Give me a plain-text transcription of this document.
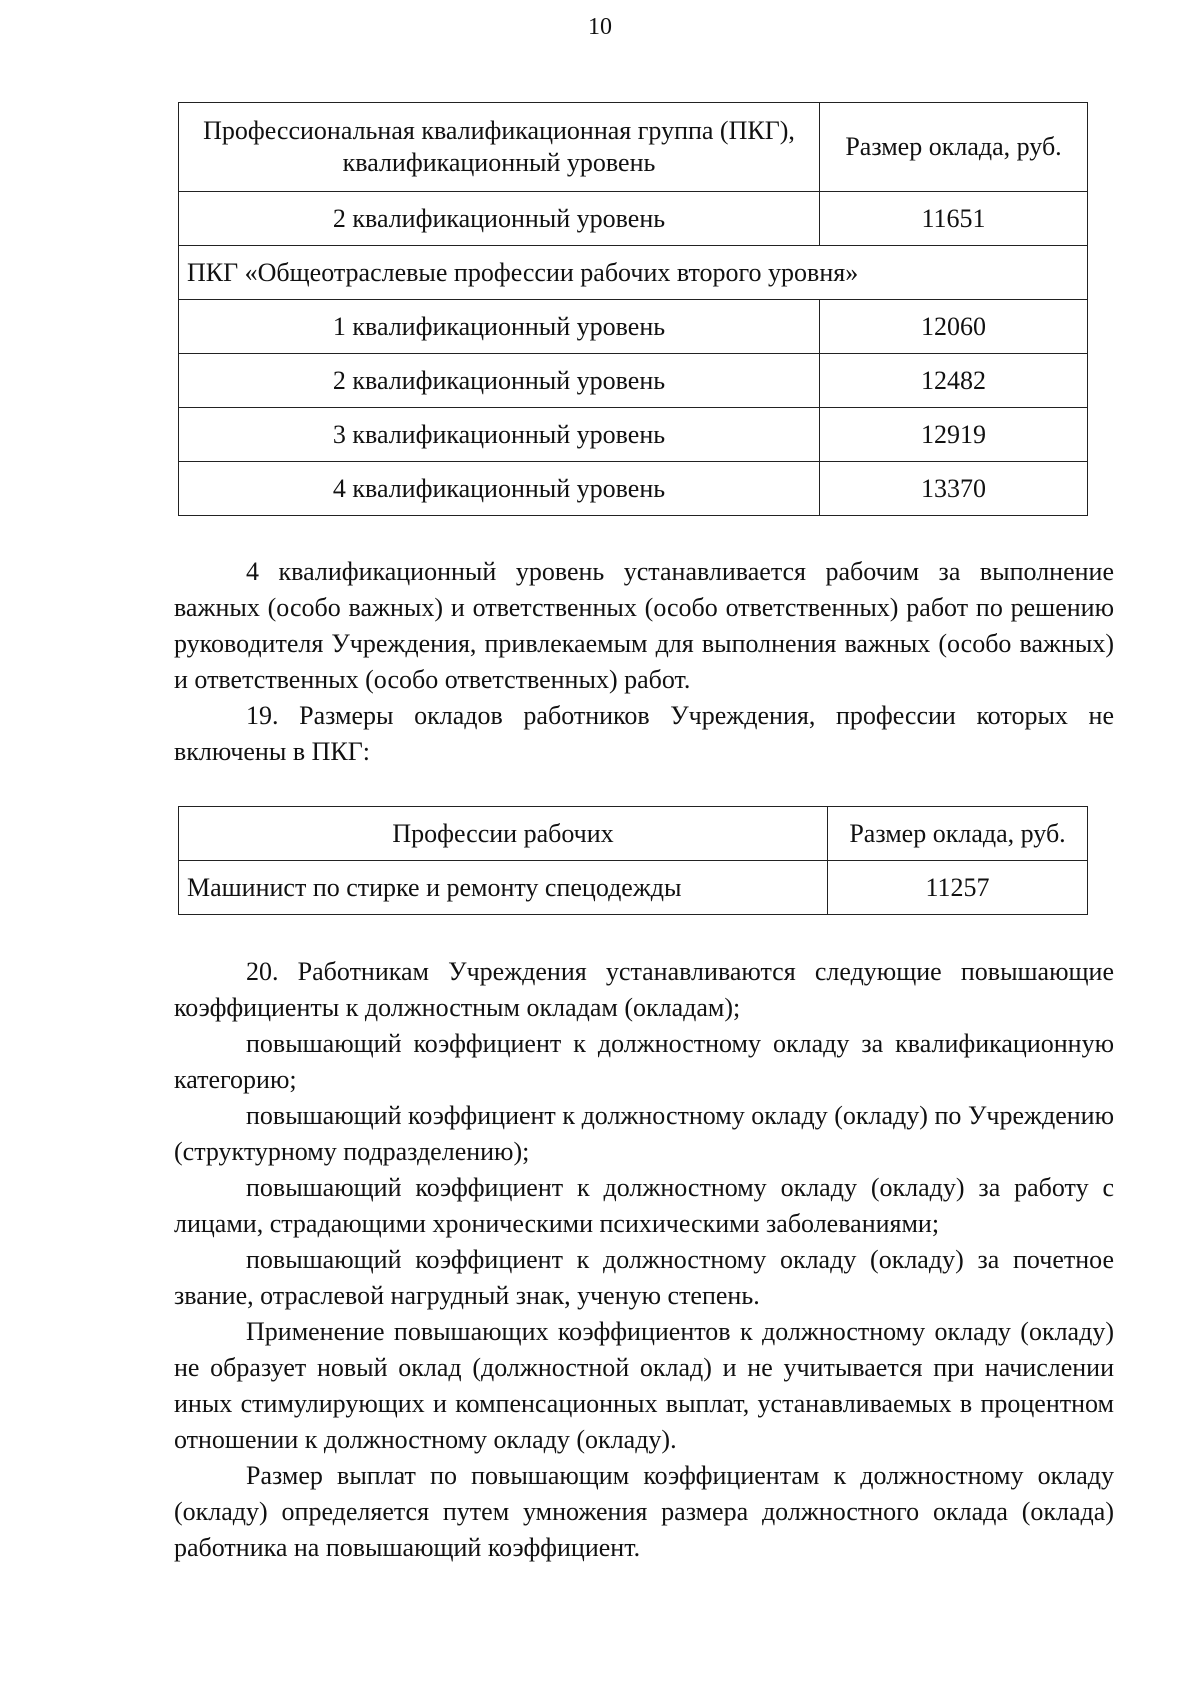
10
Профессиональная квалификационная группа (ПКГ), квалификационный уровень	Размер оклада, руб.
2 квалификационный уровень	11651
ПКГ «Общеотраслевые профессии рабочих второго уровня»	
1 квалификационный уровень	12060
2 квалификационный уровень	12482
3 квалификационный уровень	12919
4 квалификационный уровень	13370

4 квалификационный уровень устанавливается рабочим за выполнение важных (особо важных) и ответственных (особо ответственных) работ по решению руководителя Учреждения, привлекаемым для выполнения важных (особо важных) и ответственных (особо ответственных) работ.

19. Размеры окладов работников Учреждения, профессии которых не включены в ПКГ:

Профессии рабочих	Размер оклада, руб.
Машинист по стирке и ремонту спецодежды	11257

20. Работникам Учреждения устанавливаются следующие повышающие коэффициенты к должностным окладам (окладам);

повышающий коэффициент к должностному окладу за квалификационную категорию;

повышающий коэффициент к должностному окладу (окладу) по Учреждению (структурному подразделению);

повышающий коэффициент к должностному окладу (окладу) за работу с лицами, страдающими хроническими психическими заболеваниями;

повышающий коэффициент к должностному окладу (окладу) за почетное звание, отраслевой нагрудный знак, ученую степень.

Применение повышающих коэффициентов к должностному окладу (окладу) не образует новый оклад (должностной оклад) и не учитывается при начислении иных стимулирующих и компенсационных выплат, устанавливаемых в процентном отношении к должностному окладу (окладу).

Размер выплат по повышающим коэффициентам к должностному окладу (окладу) определяется путем умножения размера должностного оклада (оклада) работника на повышающий коэффициент.
